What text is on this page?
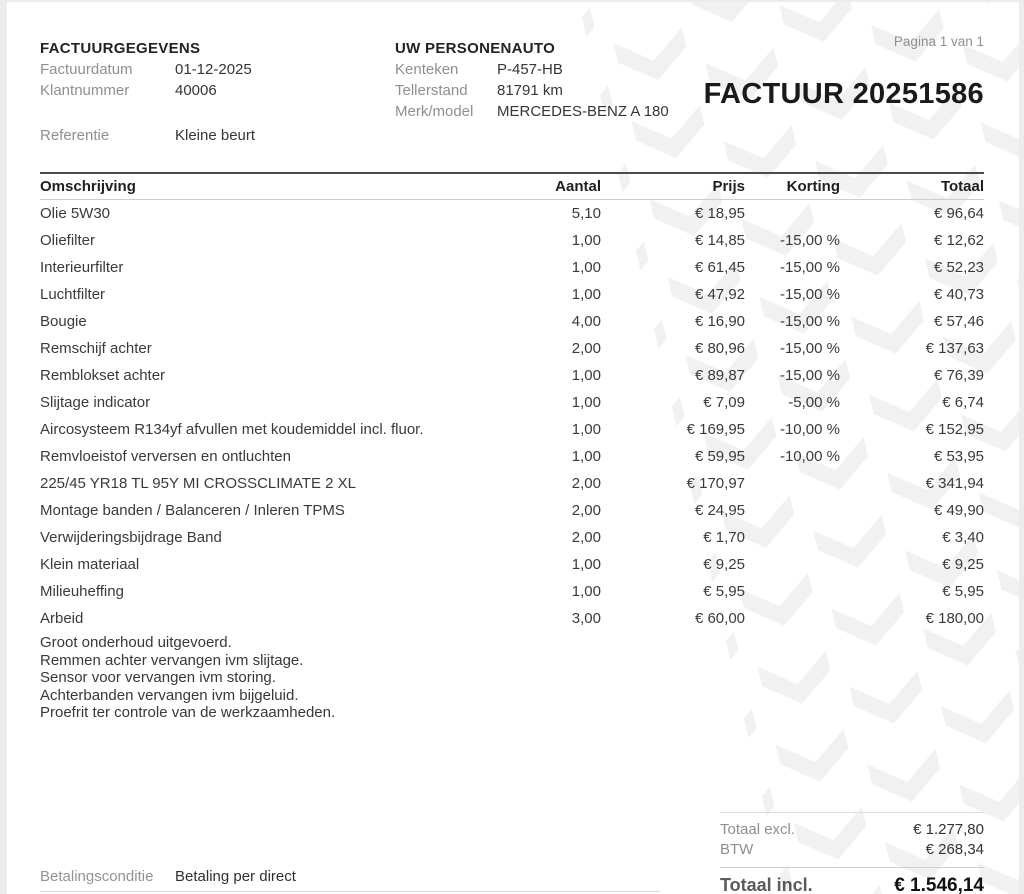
FACTUURGEGEVENS
Factuurdatum	01-12-2025
Klantnummer	40006
Referentie	Kleine beurt
UW PERSONENAUTO
Kenteken	P-457-HB
Tellerstand	81791 km
Merk/model	MERCEDES-BENZ A 180
Pagina 1 van 1
FACTUUR 20251586
Omschrijving	Aantal	Prijs	Korting	Totaal
Olie 5W30	5,10	€ 18,95		€ 96,64
Oliefilter	1,00	€ 14,85	-15,00 %	€ 12,62
Interieurfilter	1,00	€ 61,45	-15,00 %	€ 52,23
Luchtfilter	1,00	€ 47,92	-15,00 %	€ 40,73
Bougie	4,00	€ 16,90	-15,00 %	€ 57,46
Remschijf achter	2,00	€ 80,96	-15,00 %	€ 137,63
Remblokset achter	1,00	€ 89,87	-15,00 %	€ 76,39
Slijtage indicator	1,00	€ 7,09	-5,00 %	€ 6,74
Aircosysteem R134yf afvullen met koudemiddel incl. fluor.	1,00	€ 169,95	-10,00 %	€ 152,95
Remvloeistof verversen en ontluchten	1,00	€ 59,95	-10,00 %	€ 53,95
225/45 YR18 TL 95Y MI CROSSCLIMATE 2 XL	2,00	€ 170,97		€ 341,94
Montage banden / Balanceren / Inleren TPMS	2,00	€ 24,95		€ 49,90
Verwijderingsbijdrage Band	2,00	€ 1,70		€ 3,40
Klein materiaal	1,00	€ 9,25		€ 9,25
Milieuheffing	1,00	€ 5,95		€ 5,95
Arbeid	3,00	€ 60,00		€ 180,00
Groot onderhoud uitgevoerd.
Remmen achter vervangen ivm slijtage.
Sensor voor vervangen ivm storing.
Achterbanden vervangen ivm bijgeluid.
Proefrit ter controle van de werkzaamheden.
Totaal excl.	€ 1.277,80
BTW	€ 268,34
Totaal incl.	€ 1.546,14
Betalingsconditie	Betaling per direct
